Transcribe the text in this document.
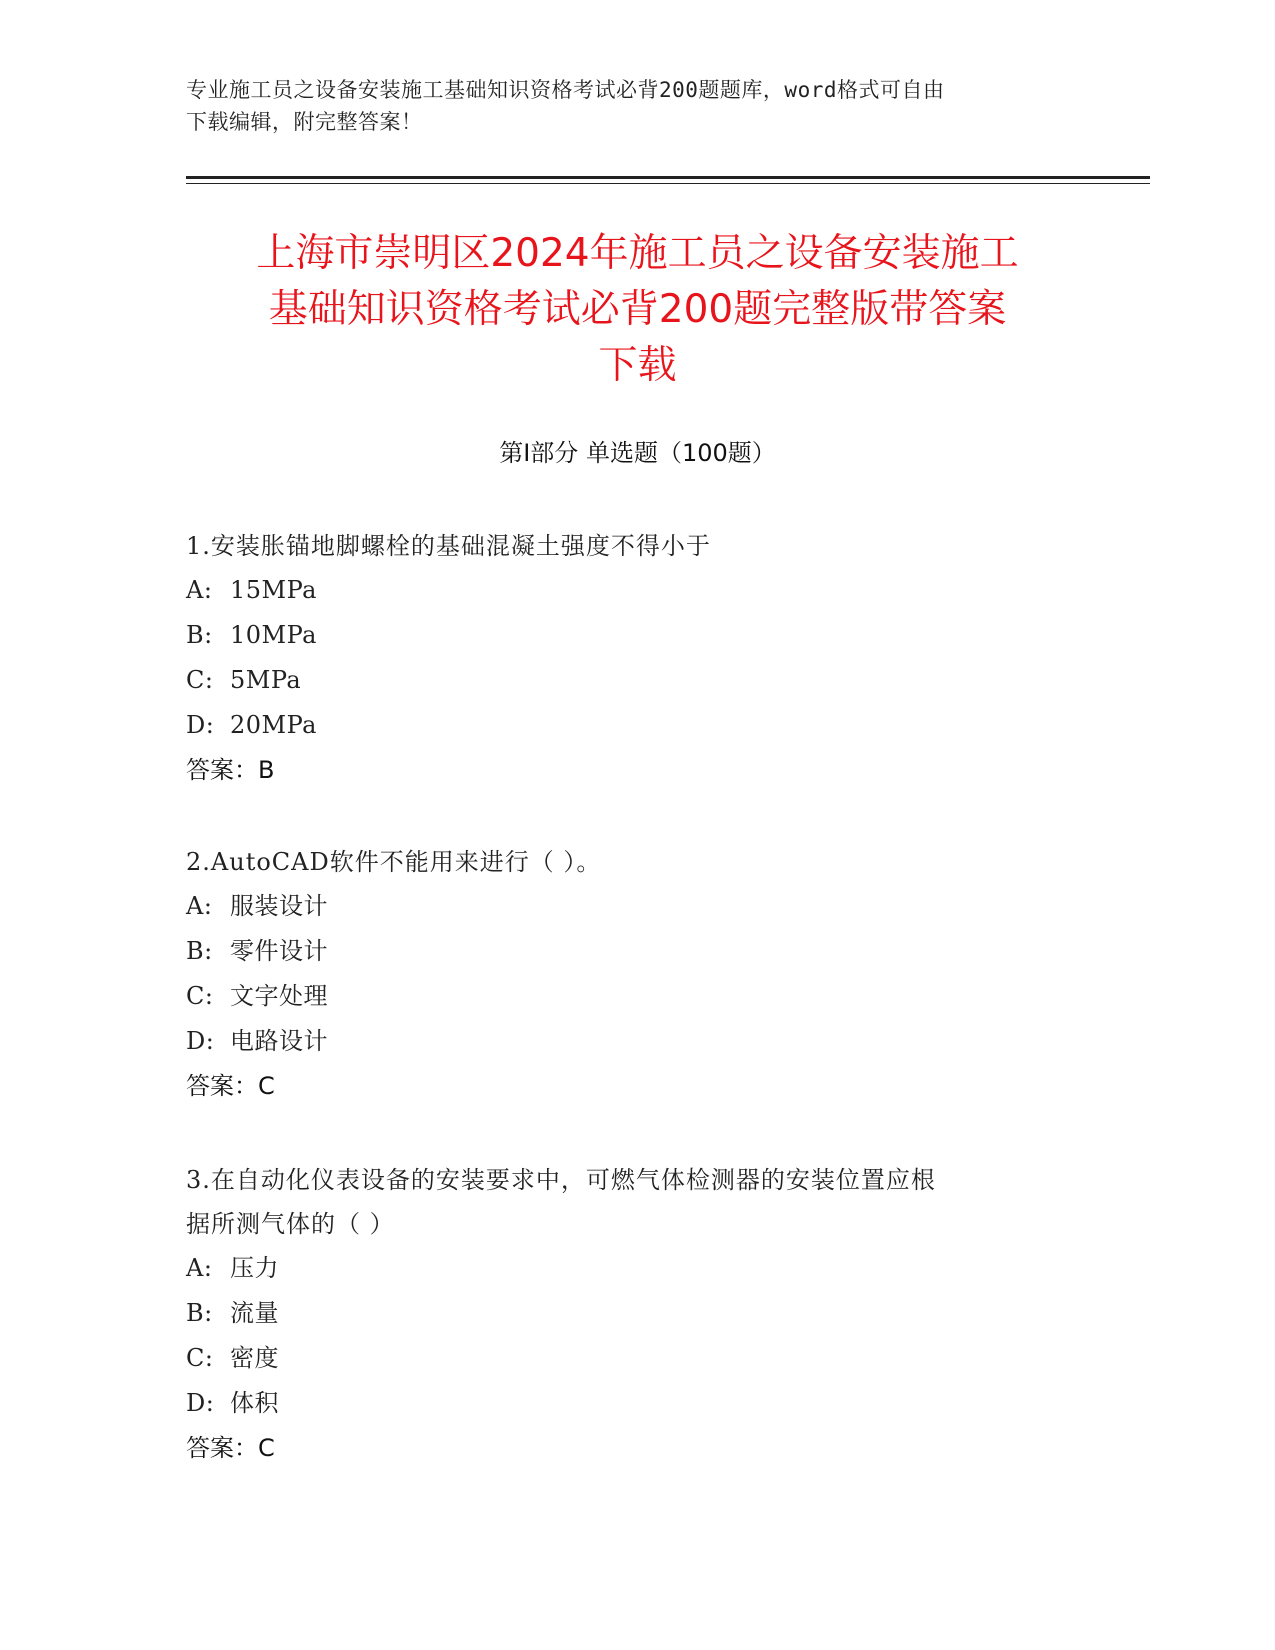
专业施工员之设备安装施工基础知识资格考试必背200题题库，word格式可自由
下载编辑，附完整答案！
上海市崇明区2024年施工员之设备安装施工
基础知识资格考试必背200题完整版带答案
下载
第Ⅰ部分 单选题（100题）
1.安装胀锚地脚螺栓的基础混凝土强度不得小于
A: 15MPa
B: 10MPa
C: 5MPa
D: 20MPa
答案：B
2.AutoCAD软件不能用来进行（ ）。
A: 服装设计
B: 零件设计
C: 文字处理
D: 电路设计
答案：C
3.在自动化仪表设备的安装要求中，可燃气体检测器的安装位置应根
据所测气体的（ ）
A: 压力
B: 流量
C: 密度
D: 体积
答案：C
